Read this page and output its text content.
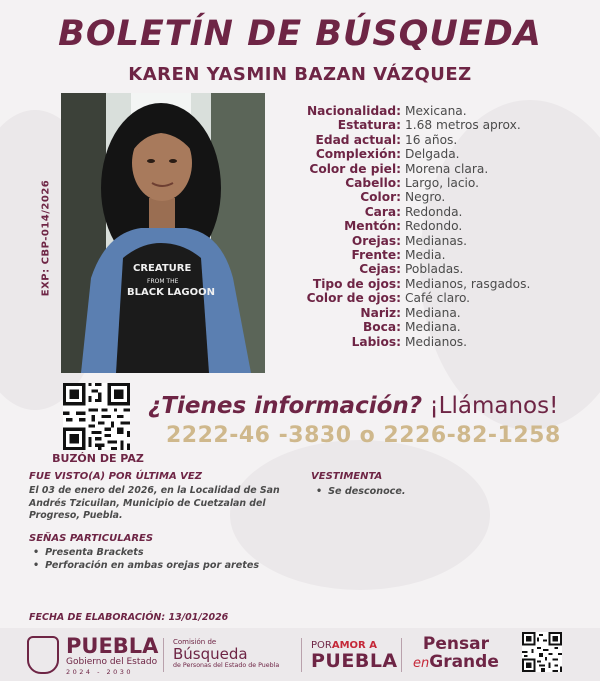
BOLETÍN DE BÚSQUEDA
KAREN YASMIN BAZAN VÁZQUEZ
EXP: CBP-014/2026	CREATURE
FROM THE
BLACK LAGOON
Nacionalidad: Mexicana.
Estatura: 1.68 metros aprox.
Edad actual: 16 años.
Complexión: Delgada.
Color de piel: Morena clara.
Cabello: Largo, lacio.
Color: Negro.
Cara: Redonda.
Mentón: Redondo.
Orejas: Medianas.
Frente: Media.
Cejas: Pobladas.
Tipo de ojos: Medianos, rasgados.
Color de ojos: Café claro.
Nariz: Mediana.
Boca: Mediana.
Labios: Medianos.
BUZÓN DE PAZ
¿Tienes información? ¡Llámanos!
2222-46 -3830 o 2226-82-1258
FUE VISTO(A) POR ÚLTIMA VEZ
El 03 de enero del 2026, en la Localidad de San Andrés Tzicuilan, Municipio de Cuetzalan del Progreso, Puebla.
VESTIMENTA
• Se desconoce.
SEÑAS PARTICULARES
• Presenta Brackets
• Perforación en ambas orejas por aretes
FECHA DE ELABORACIÓN: 13/01/2026
PUEBLA
Gobierno del Estado
2024 - 2030
Comisión de
Búsqueda
de Personas del Estado de Puebla
PORAMOR A
PUEBLA
Pensar
enGrande
